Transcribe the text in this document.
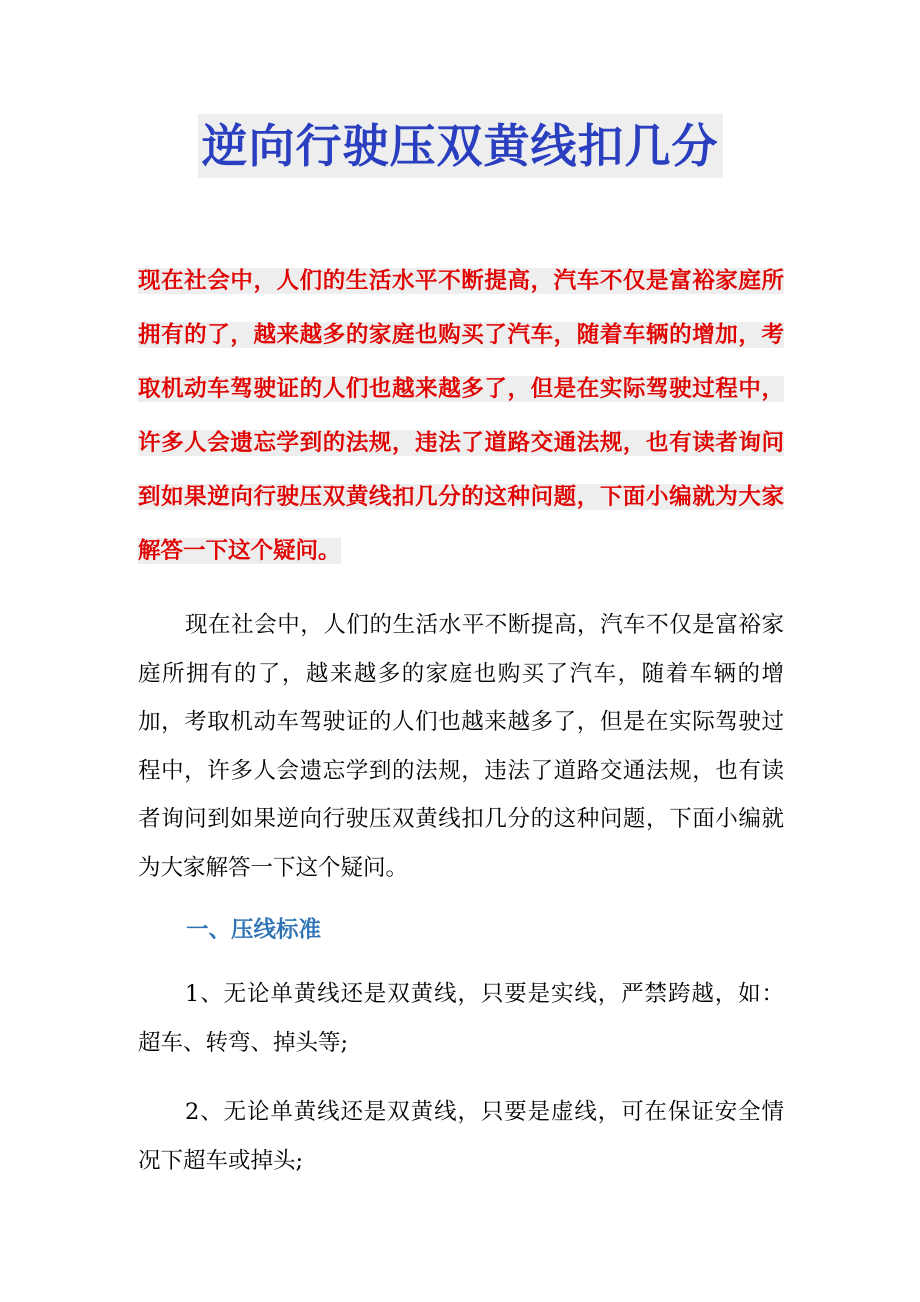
逆向行驶压双黄线扣几分
现在社会中，人们的生活水平不断提高，汽车不仅是富裕家庭所拥有的了，越来越多的家庭也购买了汽车，随着车辆的增加，考取机动车驾驶证的人们也越来越多了，但是在实际驾驶过程中，许多人会遗忘学到的法规，违法了道路交通法规，也有读者询问到如果逆向行驶压双黄线扣几分的这种问题，下面小编就为大家解答一下这个疑问。
现在社会中，人们的生活水平不断提高，汽车不仅是富裕家庭所拥有的了，越来越多的家庭也购买了汽车，随着车辆的增加，考取机动车驾驶证的人们也越来越多了，但是在实际驾驶过程中，许多人会遗忘学到的法规，违法了道路交通法规，也有读者询问到如果逆向行驶压双黄线扣几分的这种问题，下面小编就为大家解答一下这个疑问。
一、压线标准
1、无论单黄线还是双黄线，只要是实线，严禁跨越，如：超车、转弯、掉头等;
2、无论单黄线还是双黄线，只要是虚线，可在保证安全情况下超车或掉头;
